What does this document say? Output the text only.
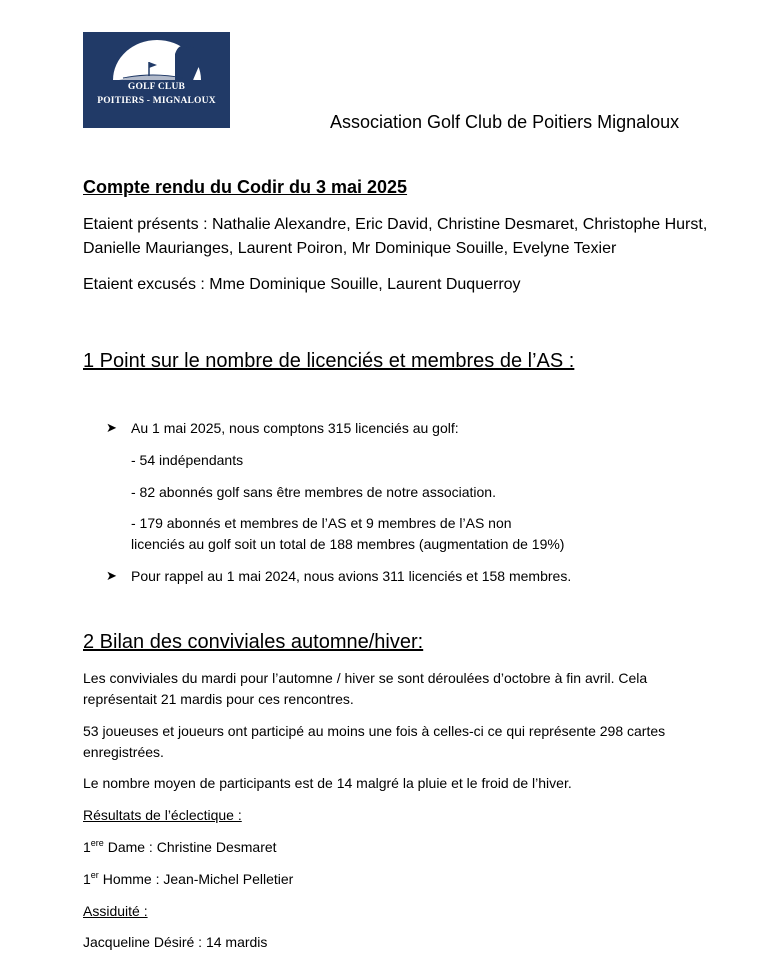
GOLF CLUB
POITIERS - MIGNALOUX
Association Golf Club de Poitiers Mignaloux
Compte rendu du Codir du 3 mai 2025
Etaient présents : Nathalie Alexandre, Eric David, Christine Desmaret, Christophe Hurst,
Danielle Maurianges, Laurent Poiron, Mr Dominique Souille, Evelyne Texier
Etaient excusés : Mme Dominique Souille, Laurent Duquerroy
1 Point sur le nombre de licenciés et membres de l’AS :
➤ Au 1 mai 2025, nous comptons 315 licenciés au golf:
- 54 indépendants
- 82 abonnés golf sans être membres de notre association.
- 179 abonnés et membres de l’AS et 9 membres de l’AS non
licenciés au golf soit un total de 188 membres (augmentation de 19%)
➤ Pour rappel au 1 mai 2024, nous avions 311 licenciés et 158 membres.
2 Bilan des conviviales automne/hiver:
Les conviviales du mardi pour l’automne / hiver se sont déroulées d’octobre à fin avril. Cela
représentait 21 mardis pour ces rencontres.
53 joueuses et joueurs ont participé au moins une fois à celles-ci ce qui représente 298 cartes
enregistrées.
Le nombre moyen de participants est de 14 malgré la pluie et le froid de l’hiver.
Résultats de l’éclectique :
1ere Dame : Christine Desmaret
1er Homme : Jean-Michel Pelletier
Assiduité :
Jacqueline Désiré : 14 mardis
